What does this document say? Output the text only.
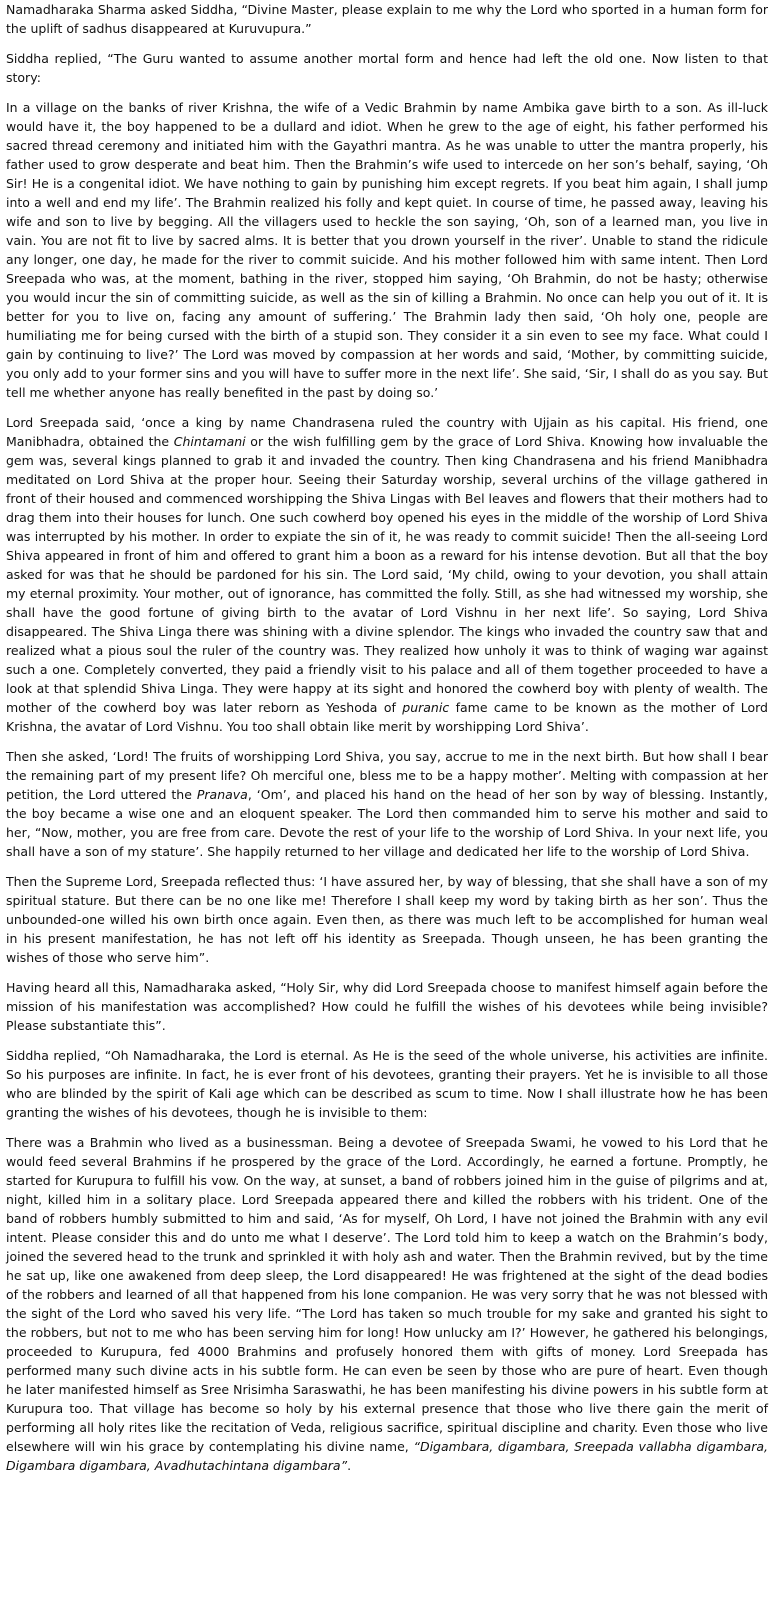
Namadharaka Sharma asked Siddha, “Divine Master, please explain to me why the Lord who sported in a human form for the uplift of sadhus disappeared at Kuruvupura.”

Siddha replied, “The Guru wanted to assume another mortal form and hence had left the old one. Now listen to that story:

In a village on the banks of river Krishna, the wife of a Vedic Brahmin by name Ambika gave birth to a son. As ill-luck would have it, the boy happened to be a dullard and idiot. When he grew to the age of eight, his father performed his sacred thread ceremony and initiated him with the Gayathri mantra. As he was unable to utter the mantra properly, his father used to grow desperate and beat him. Then the Brahmin’s wife used to intercede on her son’s behalf, saying, ‘Oh Sir! He is a congenital idiot. We have nothing to gain by punishing him except regrets. If you beat him again, I shall jump into a well and end my life’. The Brahmin realized his folly and kept quiet. In course of time, he passed away, leaving his wife and son to live by begging. All the villagers used to heckle the son saying, ‘Oh, son of a learned man, you live in vain. You are not fit to live by sacred alms. It is better that you drown yourself in the river’. Unable to stand the ridicule any longer, one day, he made for the river to commit suicide. And his mother followed him with same intent. Then Lord Sreepada who was, at the moment, bathing in the river, stopped him saying, ‘Oh Brahmin, do not be hasty; otherwise you would incur the sin of committing suicide, as well as the sin of killing a Brahmin. No once can help you out of it. It is better for you to live on, facing any amount of suffering.’ The Brahmin lady then said, ‘Oh holy one, people are humiliating me for being cursed with the birth of a stupid son. They consider it a sin even to see my face. What could I gain by continuing to live?’ The Lord was moved by compassion at her words and said, ‘Mother, by committing suicide, you only add to your former sins and you will have to suffer more in the next life’. She said, ‘Sir, I shall do as you say. But tell me whether anyone has really benefited in the past by doing so.’

Lord Sreepada said, ‘once a king by name Chandrasena ruled the country with Ujjain as his capital. His friend, one Manibhadra, obtained the Chintamani or the wish fulfilling gem by the grace of Lord Shiva. Knowing how invaluable the gem was, several kings planned to grab it and invaded the country. Then king Chandrasena and his friend Manibhadra meditated on Lord Shiva at the proper hour. Seeing their Saturday worship, several urchins of the village gathered in front of their housed and commenced worshipping the Shiva Lingas with Bel leaves and flowers that their mothers had to drag them into their houses for lunch. One such cowherd boy opened his eyes in the middle of the worship of Lord Shiva was interrupted by his mother. In order to expiate the sin of it, he was ready to commit suicide! Then the all-seeing Lord Shiva appeared in front of him and offered to grant him a boon as a reward for his intense devotion. But all that the boy asked for was that he should be pardoned for his sin. The Lord said, ‘My child, owing to your devotion, you shall attain my eternal proximity. Your mother, out of ignorance, has committed the folly. Still, as she had witnessed my worship, she shall have the good fortune of giving birth to the avatar of Lord Vishnu in her next life’. So saying, Lord Shiva disappeared. The Shiva Linga there was shining with a divine splendor. The kings who invaded the country saw that and realized what a pious soul the ruler of the country was. They realized how unholy it was to think of waging war against such a one. Completely converted, they paid a friendly visit to his palace and all of them together proceeded to have a look at that splendid Shiva Linga. They were happy at its sight and honored the cowherd boy with plenty of wealth. The mother of the cowherd boy was later reborn as Yeshoda of puranic fame came to be known as the mother of Lord Krishna, the avatar of Lord Vishnu. You too shall obtain like merit by worshipping Lord Shiva’.

Then she asked, ‘Lord! The fruits of worshipping Lord Shiva, you say, accrue to me in the next birth. But how shall I bear the remaining part of my present life? Oh merciful one, bless me to be a happy mother’. Melting with compassion at her petition, the Lord uttered the Pranava, ‘Om’, and placed his hand on the head of her son by way of blessing. Instantly, the boy became a wise one and an eloquent speaker. The Lord then commanded him to serve his mother and said to her, “Now, mother, you are free from care. Devote the rest of your life to the worship of Lord Shiva. In your next life, you shall have a son of my stature’. She happily returned to her village and dedicated her life to the worship of Lord Shiva.

Then the Supreme Lord, Sreepada reflected thus: ‘I have assured her, by way of blessing, that she shall have a son of my spiritual stature. But there can be no one like me! Therefore I shall keep my word by taking birth as her son’. Thus the unbounded-one willed his own birth once again. Even then, as there was much left to be accomplished for human weal in his present manifestation, he has not left off his identity as Sreepada. Though unseen, he has been granting the wishes of those who serve him”.

Having heard all this, Namadharaka asked, “Holy Sir, why did Lord Sreepada choose to manifest himself again before the mission of his manifestation was accomplished? How could he fulfill the wishes of his devotees while being invisible? Please substantiate this”.

Siddha replied, “Oh Namadharaka, the Lord is eternal. As He is the seed of the whole universe, his activities are infinite. So his purposes are infinite. In fact, he is ever front of his devotees, granting their prayers. Yet he is invisible to all those who are blinded by the spirit of Kali age which can be described as scum to time. Now I shall illustrate how he has been granting the wishes of his devotees, though he is invisible to them:

There was a Brahmin who lived as a businessman. Being a devotee of Sreepada Swami, he vowed to his Lord that he would feed several Brahmins if he prospered by the grace of the Lord. Accordingly, he earned a fortune. Promptly, he started for Kurupura to fulfill his vow. On the way, at sunset, a band of robbers joined him in the guise of pilgrims and at, night, killed him in a solitary place. Lord Sreepada appeared there and killed the robbers with his trident. One of the band of robbers humbly submitted to him and said, ‘As for myself, Oh Lord, I have not joined the Brahmin with any evil intent. Please consider this and do unto me what I deserve’. The Lord told him to keep a watch on the Brahmin’s body, joined the severed head to the trunk and sprinkled it with holy ash and water. Then the Brahmin revived, but by the time he sat up, like one awakened from deep sleep, the Lord disappeared! He was frightened at the sight of the dead bodies of the robbers and learned of all that happened from his lone companion. He was very sorry that he was not blessed with the sight of the Lord who saved his very life. “The Lord has taken so much trouble for my sake and granted his sight to the robbers, but not to me who has been serving him for long! How unlucky am I?’ However, he gathered his belongings, proceeded to Kurupura, fed 4000 Brahmins and profusely honored them with gifts of money. Lord Sreepada has performed many such divine acts in his subtle form. He can even be seen by those who are pure of heart. Even though he later manifested himself as Sree Nrisimha Saraswathi, he has been manifesting his divine powers in his subtle form at Kurupura too. That village has become so holy by his external presence that those who live there gain the merit of performing all holy rites like the recitation of Veda, religious sacrifice, spiritual discipline and charity. Even those who live elsewhere will win his grace by contemplating his divine name, “Digambara, digambara, Sreepada vallabha digambara, Digambara digambara, Avadhutachintana digambara”.
